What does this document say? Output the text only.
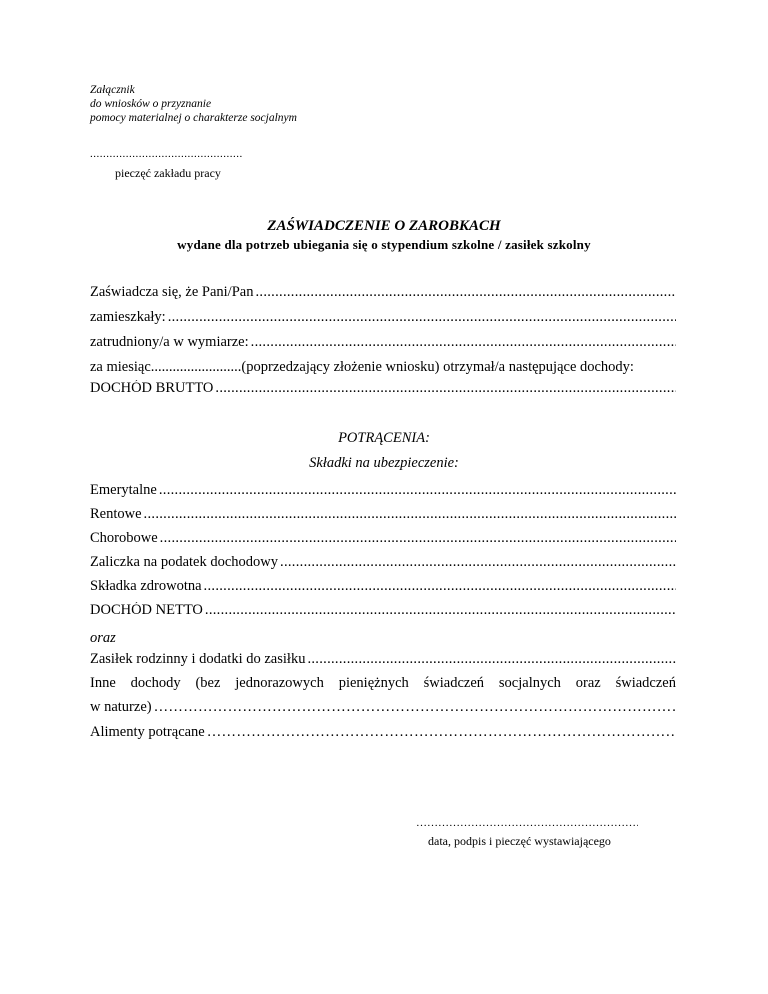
Załącznik
do wniosków o przyznanie
pomocy materialnej o charakterze socjalnym
...............................................
pieczęć zakładu pracy
ZAŚWIADCZENIE O ZAROBKACH
wydane dla potrzeb ubiegania się o stypendium szkolne / zasiłek szkolny
Zaświadcza się, że Pani/Pan
.....
zamieszkały:
.....
zatrudniony/a w wymiarze:
.....
za miesiąc ......................... (poprzedzający złożenie wniosku) otrzymał/a następujące dochody:
DOCHÓD BRUTTO
.....
POTRĄCENIA:
Składki na ubezpieczenie:
Emerytalne
.....
Rentowe
.....
Chorobowe
.....
Zaliczka na podatek dochodowy
.....
Składka zdrowotna
.....
DOCHÓD NETTO
.....
oraz
Zasiłek rodzinny i dodatki do zasiłku
.....
Inne dochody (bez jednorazowych pieniężnych świadczeń socjalnych oraz świadczeń
w naturze)
……………………………………………………………………………………………………………………………………………………………………
Alimenty potrącane
……………………………………………………………………………………………………………………………………………………………………
……………………………………………………………………………………
data, podpis i pieczęć wystawiającego
